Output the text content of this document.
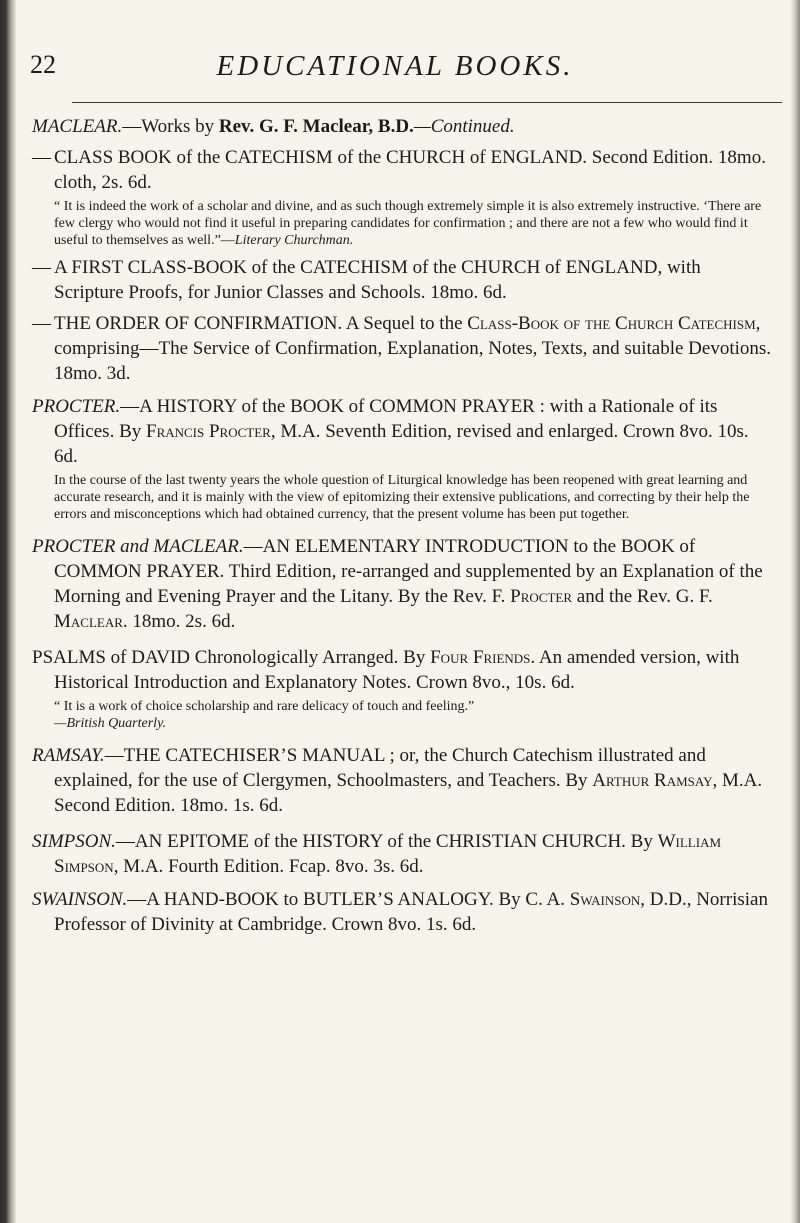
22	EDUCATIONAL BOOKS.

MACLEAR.—Works by Rev. G. F. Maclear, B.D.—Continued.

— CLASS BOOK of the CATECHISM of the CHURCH of ENGLAND. Second Edition. 18mo. cloth, 2s. 6d.

“ It is indeed the work of a scholar and divine, and as such though extremely simple it is also extremely instructive. ‘There are few clergy who would not find it useful in preparing candidates for confirmation ; and there are not a few who would find it useful to themselves as well.”—Literary Churchman.

— A FIRST CLASS-BOOK of the CATECHISM of the CHURCH of ENGLAND, with Scripture Proofs, for Junior Classes and Schools. 18mo. 6d.

— THE ORDER OF CONFIRMATION. A Sequel to the Class-Book of the Church Catechism, comprising—The Service of Confirmation, Explanation, Notes, Texts, and suitable Devotions. 18mo. 3d.

PROCTER.—A HISTORY of the BOOK of COMMON PRAYER : with a Rationale of its Offices. By Francis Procter, M.A. Seventh Edition, revised and enlarged. Crown 8vo. 10s. 6d.

In the course of the last twenty years the whole question of Liturgical knowledge has been reopened with great learning and accurate research, and it is mainly with the view of epitomizing their extensive publications, and correcting by their help the errors and misconceptions which had obtained currency, that the present volume has been put together.

PROCTER and MACLEAR.—AN ELEMENTARY INTRODUCTION to the BOOK of COMMON PRAYER. Third Edition, re-arranged and supplemented by an Explanation of the Morning and Evening Prayer and the Litany. By the Rev. F. Procter and the Rev. G. F. Maclear. 18mo. 2s. 6d.

PSALMS of DAVID Chronologically Arranged. By Four Friends. An amended version, with Historical Introduction and Explanatory Notes. Crown 8vo., 10s. 6d.

“ It is a work of choice scholarship and rare delicacy of touch and feeling.”
—British Quarterly.

RAMSAY.—THE CATECHISER’S MANUAL ; or, the Church Catechism illustrated and explained, for the use of Clergymen, Schoolmasters, and Teachers. By Arthur Ramsay, M.A. Second Edition. 18mo. 1s. 6d.

SIMPSON.—AN EPITOME of the HISTORY of the CHRISTIAN CHURCH. By William Simpson, M.A. Fourth Edition. Fcap. 8vo. 3s. 6d.

SWAINSON.—A HAND-BOOK to BUTLER’S ANALOGY. By C. A. Swainson, D.D., Norrisian Professor of Divinity at Cambridge. Crown 8vo. 1s. 6d.
